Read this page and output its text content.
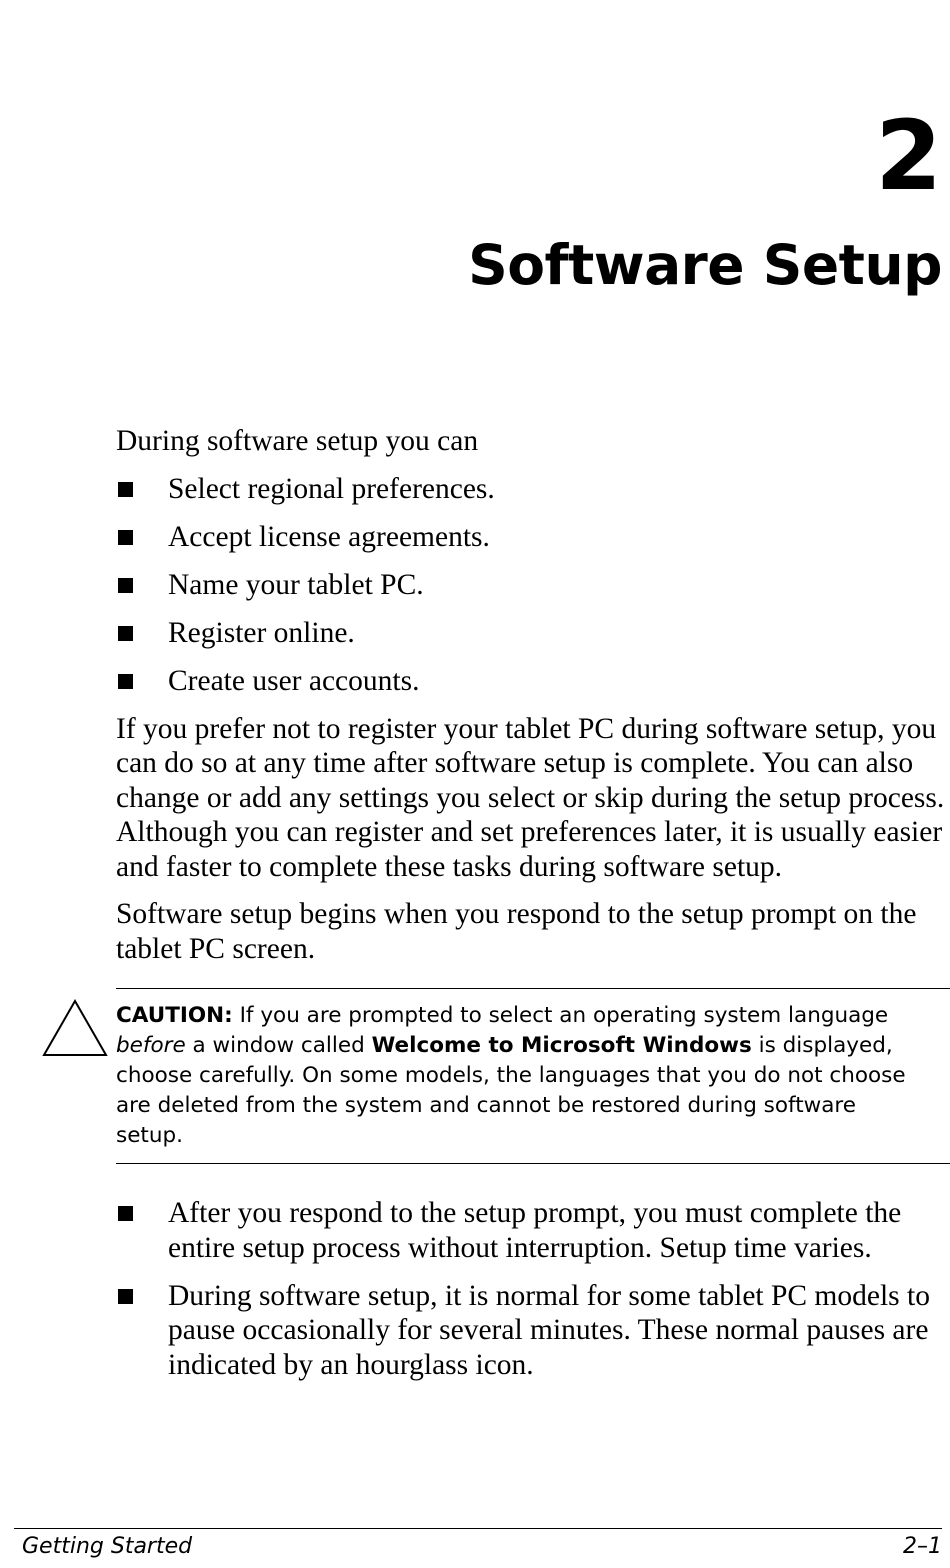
2
Software Setup

During software setup you can

Select regional preferences.
Accept license agreements.
Name your tablet PC.
Register online.
Create user accounts.

If you prefer not to register your tablet PC during software setup, you can do so at any time after software setup is complete. You can also change or add any settings you select or skip during the setup process. Although you can register and set preferences later, it is usually easier and faster to complete these tasks during software setup.

Software setup begins when you respond to the setup prompt on the tablet PC screen.

CAUTION: If you are prompted to select an operating system language before a window called Welcome to Microsoft Windows is displayed, choose carefully. On some models, the languages that you do not choose are deleted from the system and cannot be restored during software setup.

After you respond to the setup prompt, you must complete the entire setup process without interruption. Setup time varies.
During software setup, it is normal for some tablet PC models to pause occasionally for several minutes. These normal pauses are indicated by an hourglass icon.
Getting Started	2–1
